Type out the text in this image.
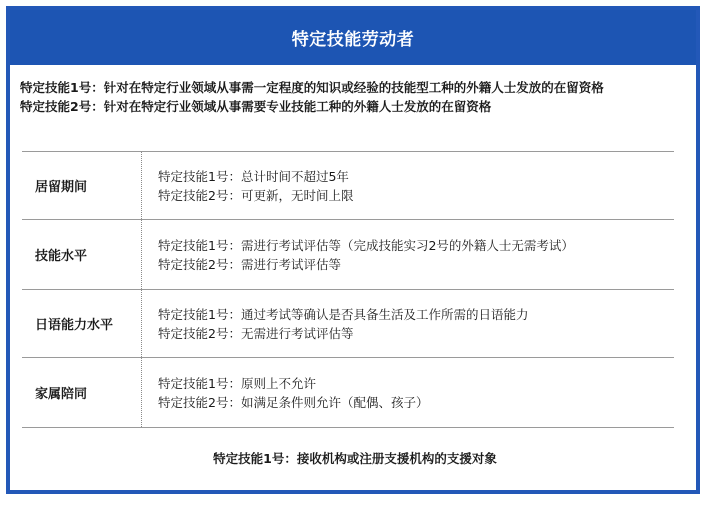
特定技能劳动者

特定技能1号：针对在特定行业领域从事需一定程度的知识或经验的技能型工种的外籍人士发放的在留资格

特定技能2号：针对在特定行业领域从事需要专业技能工种的外籍人士发放的在留资格

居留期间
特定技能1号：总计时间不超过5年
特定技能2号：可更新，无时间上限
技能水平
特定技能1号：需进行考试评估等（完成技能实习2号的外籍人士无需考试）
特定技能2号：需进行考试评估等
日语能力水平
特定技能1号：通过考试等确认是否具备生活及工作所需的日语能力
特定技能2号：无需进行考试评估等
家属陪同
特定技能1号：原则上不允许
特定技能2号：如满足条件则允许（配偶、孩子）
特定技能1号：接收机构或注册支援机构的支援对象
